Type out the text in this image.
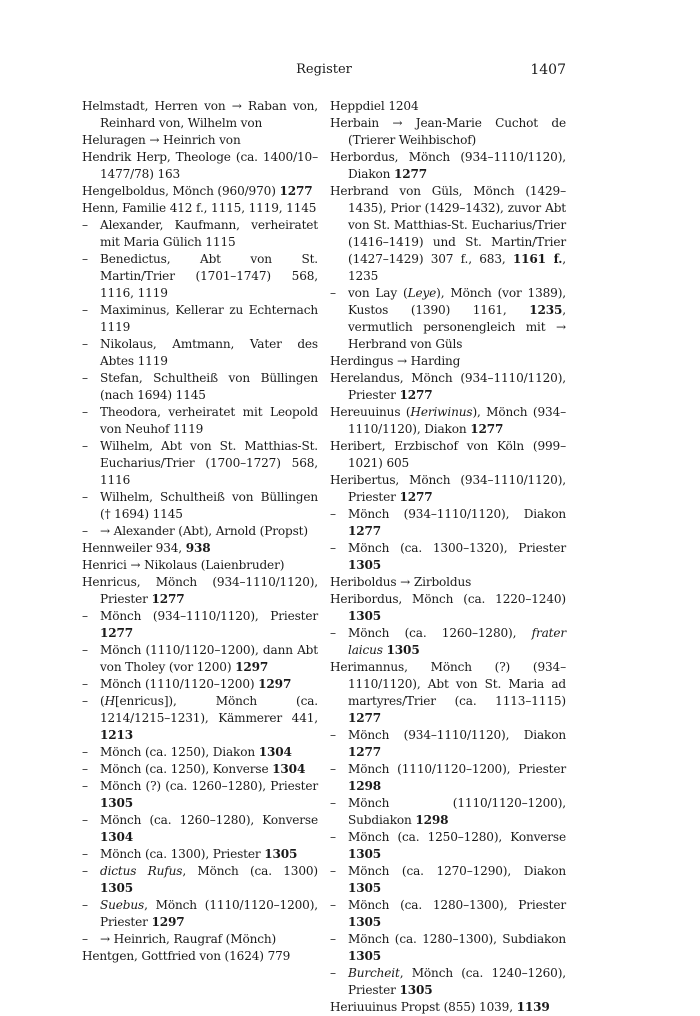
Register	1407

Helmstadt, Herren von → Raban von, Reinhard von, Wilhelm von

Heluragen → Heinrich von

Hendrik Herp, Theologe (ca. 1400/10–1477/78) 163

Hengelboldus, Mönch (960/970) 1277

Henn, Familie 412 f., 1115, 1119, 1145

– Alexander, Kaufmann, verheiratet mit Maria Gülich 1115

– Benedictus, Abt von St. Martin/Trier (1701–1747) 568, 1116, 1119

– Maximinus, Kellerar zu Echternach 1119

– Nikolaus, Amtmann, Vater des Abtes 1119

– Stefan, Schultheiß von Büllingen (nach 1694) 1145

– Theodora, verheiratet mit Leopold von Neuhof 1119

– Wilhelm, Abt von St. Matthias-St. Eucharius/Trier (1700–1727) 568, 1116

– Wilhelm, Schultheiß von Büllingen († 1694) 1145

– → Alexander (Abt), Arnold (Propst)

Hennweiler 934, 938

Henrici → Nikolaus (Laienbruder)

Henricus, Mönch (934–1110/1120), Priester 1277

– Mönch (934–1110/1120), Priester 1277

– Mönch (1110/1120–1200), dann Abt von Tholey (vor 1200) 1297

– Mönch (1110/1120–1200) 1297

– (H[enricus]), Mönch (ca. 1214/1215–1231), Kämmerer 441, 1213

– Mönch (ca. 1250), Diakon 1304

– Mönch (ca. 1250), Konverse 1304

– Mönch (?) (ca. 1260–1280), Priester 1305

– Mönch (ca. 1260–1280), Konverse 1304

– Mönch (ca. 1300), Priester 1305

– dictus Rufus, Mönch (ca. 1300) 1305

– Suebus, Mönch (1110/1120–1200), Priester 1297

– → Heinrich, Raugraf (Mönch)

Hentgen, Gottfried von (1624) 779

Heppdiel 1204

Herbain → Jean-Marie Cuchot de (Trierer Weihbischof)

Herbordus, Mönch (934–1110/1120), Diakon 1277

Herbrand von Güls, Mönch (1429–1435), Prior (1429–1432), zuvor Abt von St. Matthias-St. Eucharius/Trier (1416–1419) und St. Martin/Trier (1427–1429) 307 f., 683, 1161 f., 1235

– von Lay (Leye), Mönch (vor 1389), Kustos (1390) 1161, 1235, vermutlich personengleich mit → Herbrand von Güls

Herdingus → Harding

Herelandus, Mönch (934–1110/1120), Priester 1277

Hereuuinus (Heriwinus), Mönch (934–1110/1120), Diakon 1277

Heribert, Erzbischof von Köln (999–1021) 605

Heribertus, Mönch (934–1110/1120), Priester 1277

– Mönch (934–1110/1120), Diakon 1277

– Mönch (ca. 1300–1320), Priester 1305

Heriboldus → Zirboldus

Heribordus, Mönch (ca. 1220–1240) 1305

– Mönch (ca. 1260–1280), frater laicus 1305

Herimannus, Mönch (?) (934–1110/1120), Abt von St. Maria ad martyres/Trier (ca. 1113–1115) 1277

– Mönch (934–1110/1120), Diakon 1277

– Mönch (1110/1120–1200), Priester 1298

– Mönch (1110/1120–1200), Subdiakon 1298

– Mönch (ca. 1250–1280), Konverse 1305

– Mönch (ca. 1270–1290), Diakon 1305

– Mönch (ca. 1280–1300), Priester 1305

– Mönch (ca. 1280–1300), Subdiakon 1305

– Burcheit, Mönch (ca. 1240–1260), Priester 1305

Heriuuinus Propst (855) 1039, 1139
